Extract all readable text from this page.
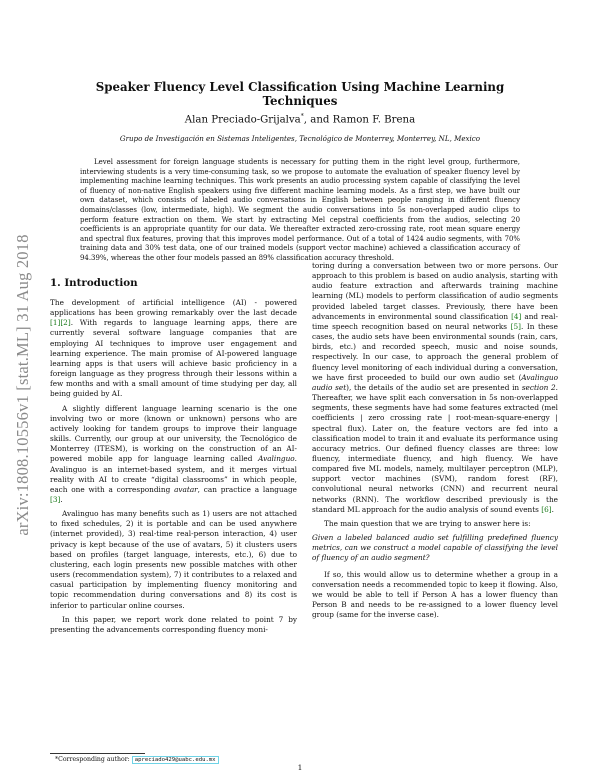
arXiv:1808.10556v1 [stat.ML] 31 Aug 2018
Speaker Fluency Level Classification Using Machine Learning Techniques
Alan Preciado-Grijalva*, and Ramon F. Brena
Grupo de Investigación en Sistemas Inteligentes, Tecnológico de Monterrey, Monterrey, NL, Mexico

Level assessment for foreign language students is necessary for putting them in the right level group, furthermore, interviewing students is a very time-consuming task, so we propose to automate the evaluation of speaker fluency level by implementing machine learning techniques. This work presents an audio processing system capable of classifying the level of fluency of non-native English speakers using five different machine learning models. As a first step, we have built our own dataset, which consists of labeled audio conversations in English between people ranging in different fluency domains/classes (low, intermediate, high). We segment the audio conversations into 5s non-overlapped audio clips to perform feature extraction on them. We start by extracting Mel cepstral coefficients from the audios, selecting 20 coefficients is an appropriate quantity for our data. We thereafter extracted zero-crossing rate, root mean square energy and spectral flux features, proving that this improves model performance. Out of a total of 1424 audio segments, with 70% training data and 30% test data, one of our trained models (support vector machine) achieved a classification accuracy of 94.39%, whereas the other four models passed an 89% classification accuracy threshold.

1. Introduction

The development of artificial intelligence (AI) - powered applications has been growing remarkably over the last decade [1][2]. With regards to language learning apps, there are currently several software language companies that are employing AI techniques to improve user engagement and learning experience. The main promise of AI-powered language learning apps is that users will achieve basic proficiency in a foreign language as they progress through their lessons within a few months and with a small amount of time studying per day, all being guided by AI.

A slightly different language learning scenario is the one involving two or more (known or unknown) persons who are actively looking for tandem groups to improve their language skills. Currently, our group at our university, the Tecnológico de Monterrey (ITESM), is working on the construction of an AI-powered mobile app for language learning called Avalinguo. Avalinguo is an internet-based system, and it merges virtual reality with AI to create “digital classrooms” in which people, each one with a corresponding avatar, can practice a language [3].

Avalinguo has many benefits such as 1) users are not attached to fixed schedules, 2) it is portable and can be used anywhere (internet provided), 3) real-time real-person interaction, 4) user privacy is kept because of the use of avatars, 5) it clusters users based on profiles (target language, interests, etc.), 6) due to clustering, each login presents new possible matches with other users (recommendation system), 7) it contributes to a relaxed and casual participation by implementing fluency monitoring and topic recommendation during conversations and 8) its cost is inferior to particular online courses.

In this paper, we report work done related to point 7 by presenting the advancements corresponding fluency moni-

toring during a conversation between two or more persons. Our approach to this problem is based on audio analysis, starting with audio feature extraction and afterwards training machine learning (ML) models to perform classification of audio segments provided labeled target classes. Previously, there have been advancements in environmental sound classification [4] and real-time speech recognition based on neural networks [5]. In these cases, the audio sets have been environmental sounds (rain, cars, birds, etc.) and recorded speech, music and noise sounds, respectively. In our case, to approach the general problem of fluency level monitoring of each individual during a conversation, we have first proceeded to build our own audio set (Avalinguo audio set), the details of the audio set are presented in section 2. Thereafter, we have split each conversation in 5s non-overlapped segments, these segments have had some features extracted (mel coefficients | zero crossing rate | root-mean-square-energy | spectral flux). Later on, the feature vectors are fed into a classification model to train it and evaluate its performance using accuracy metrics. Our defined fluency classes are three: low fluency, intermediate fluency, and high fluency. We have compared five ML models, namely, multilayer perceptron (MLP), support vector machines (SVM), random forest (RF), convolutional neural networks (CNN) and recurrent neural networks (RNN). The workflow described previously is the standard ML approach for the audio analysis of sound events [6].

The main question that we are trying to answer here is:

Given a labeled balanced audio set fulfilling predefined fluency metrics, can we construct a model capable of classifying the level of fluency of an audio segment?

If so, this would allow us to determine whether a group in a conversation needs a recommended topic to keep it flowing. Also, we would be able to tell if Person A has a lower fluency than Person B and needs to be re-assigned to a lower fluency level group (same for the inverse case).

*Corresponding author: apreciado429@uabc.edu.mx
1
